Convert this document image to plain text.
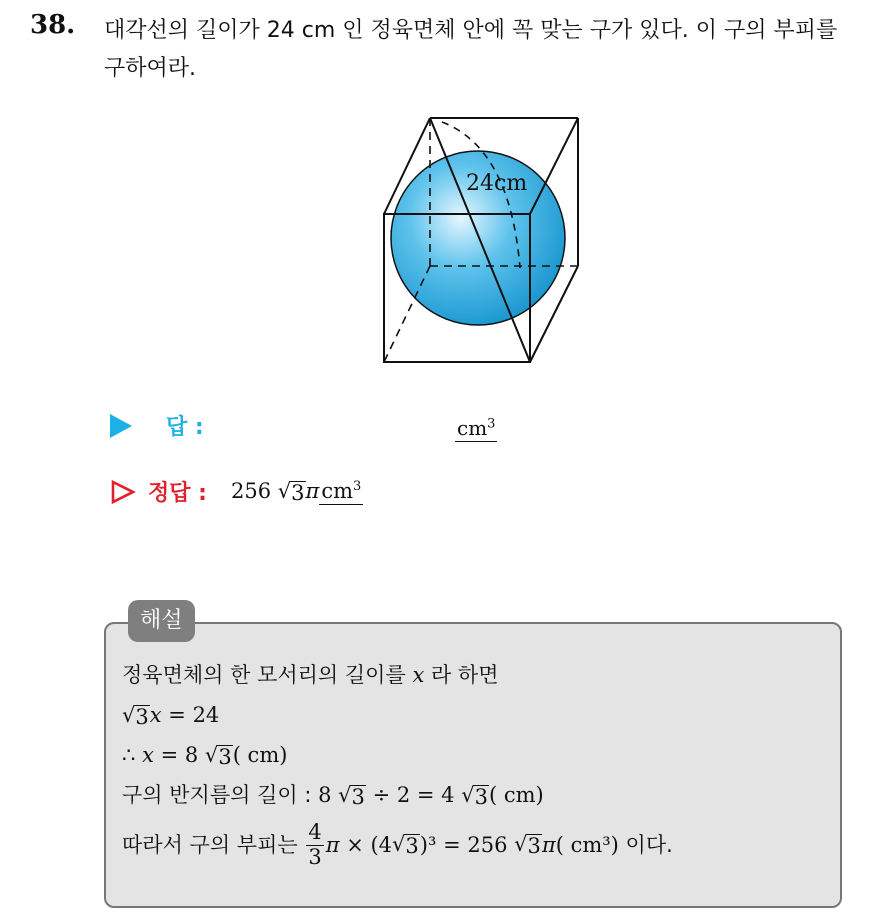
38. 대각선의 길이가 24 cm 인 정육면체 안에 꼭 맞는 구가 있다. 이 구의 부피를 구하여라.
24cm
답 :	$cm^3$
정답 : 256 √ 3 πcm$^3$
해설
정육면체의 한 모서리의 길이를 x 라 하면
√ 3 x = 24
∴ x = 8 √ 3 ( cm)
구의 반지름의 길이 : 8 √ 3 ÷ 2 = 4 √ 3 ( cm)
따라서 구의 부피는
$\frac{4}{3}$ π
× (4 √ 3 )³ = 256
√ 3 π ( cm³)
이다.
